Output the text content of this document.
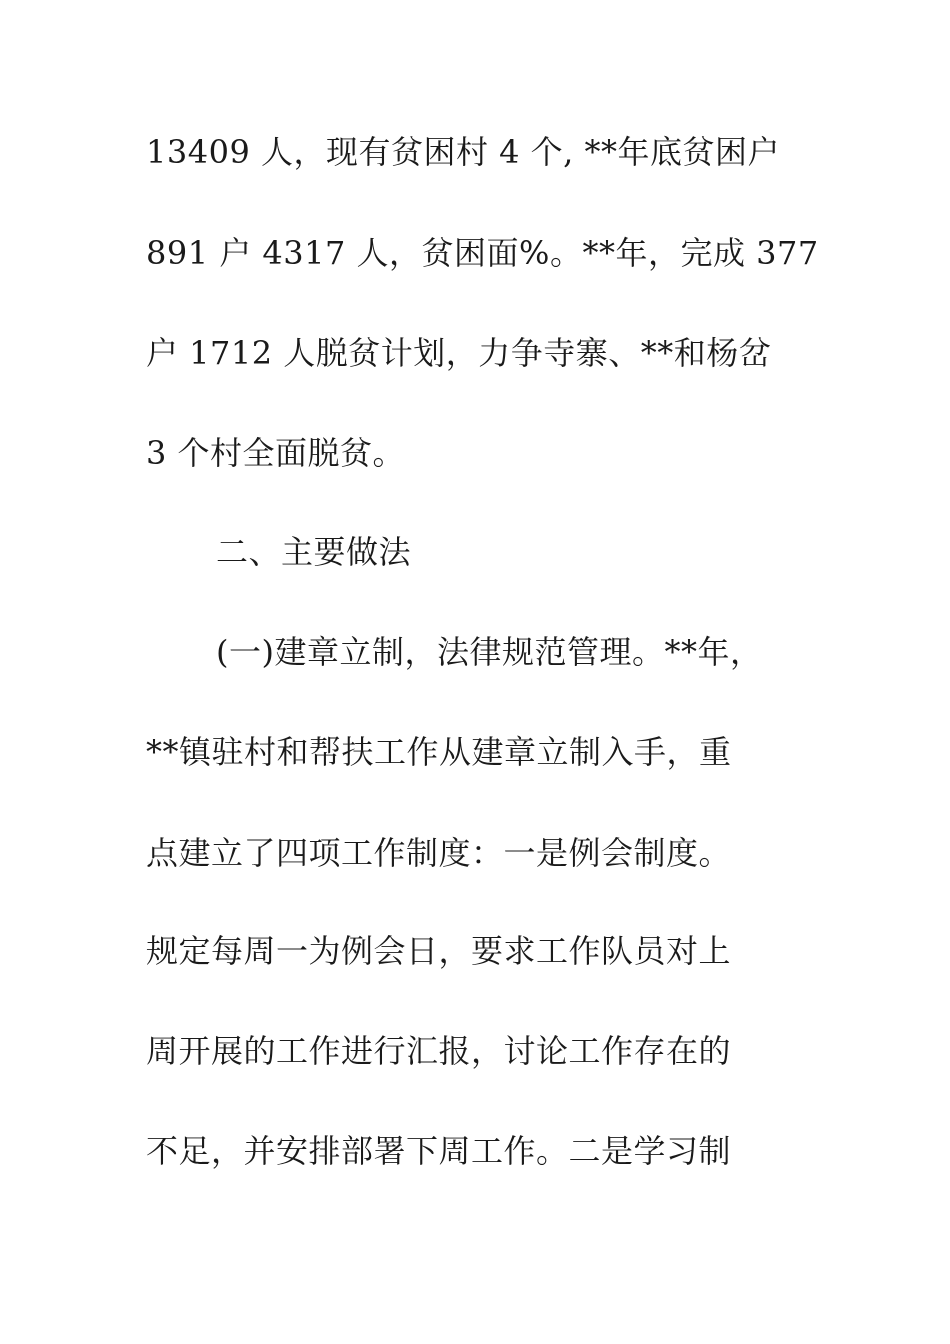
13409 人，现有贫困村 4 个, **年底贫困户
891 户 4317 人，贫困面%。**年，完成 377
户 1712 人脱贫计划，力争寺寨、**和杨岔
3 个村全面脱贫。
二、主要做法
(一)建章立制，法律规范管理。**年，
**镇驻村和帮扶工作从建章立制入手，重
点建立了四项工作制度：一是例会制度。
规定每周一为例会日，要求工作队员对上
周开展的工作进行汇报，讨论工作存在的
不足，并安排部署下周工作。二是学习制
